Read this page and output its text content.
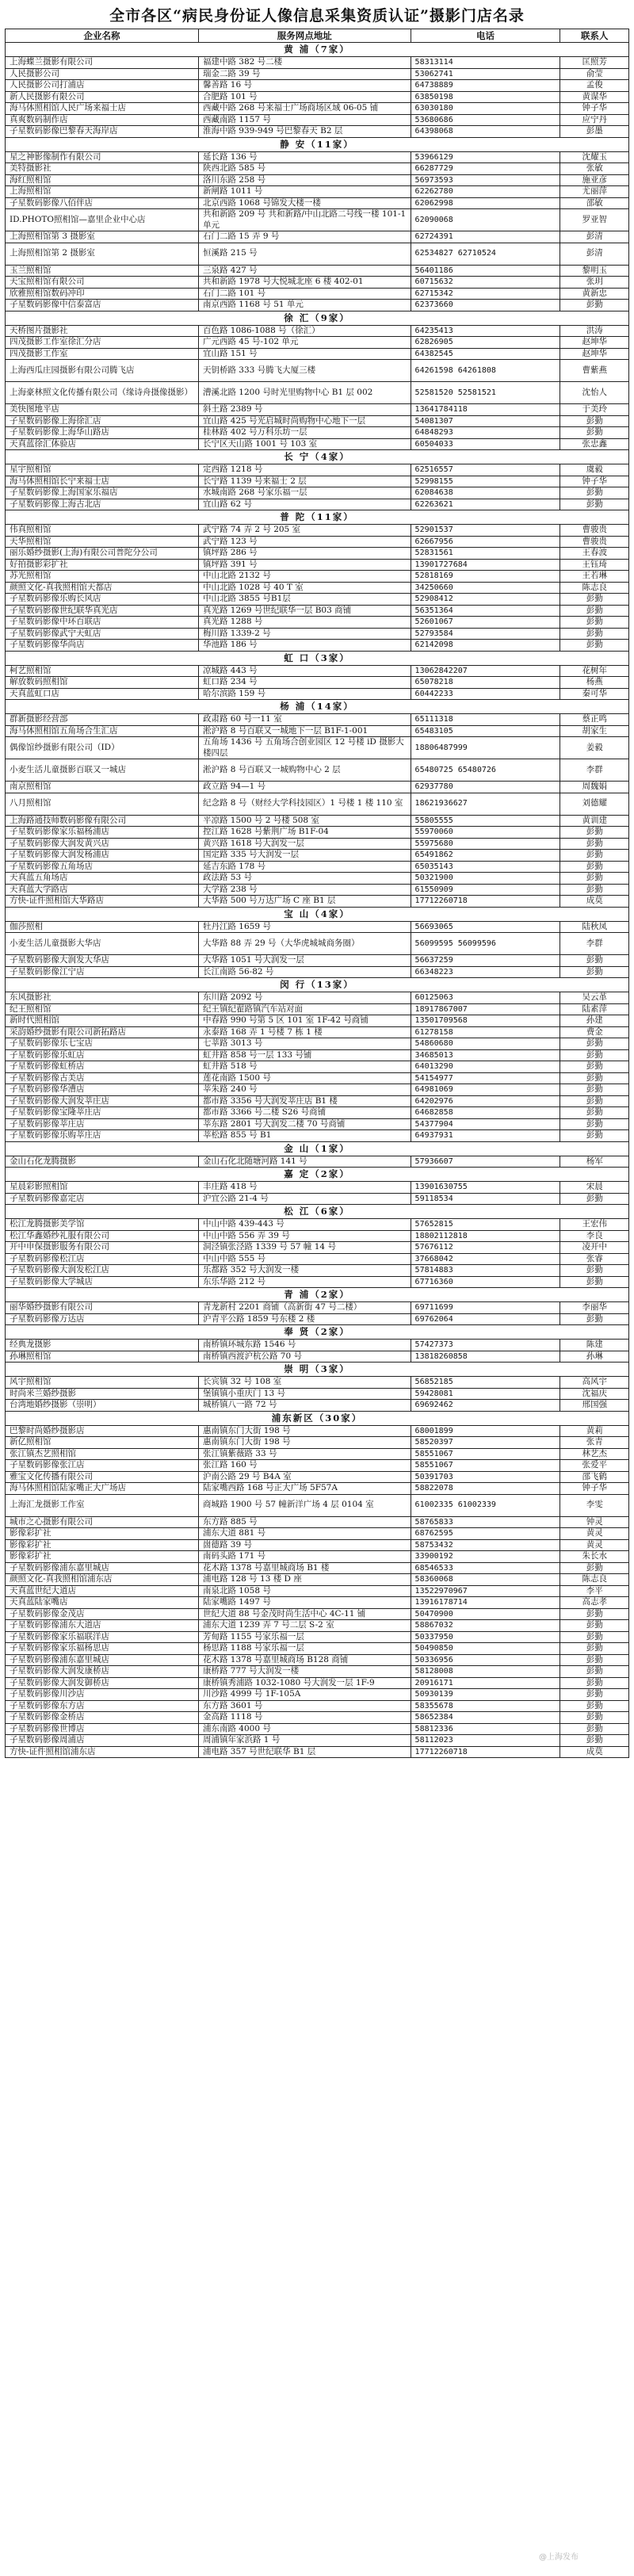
全市各区“病民身份证人像信息采集资质认证”摄影门店名录
企业名称	服务网点地址	电话	联系人
黄 浦（7家）			
上海蝶兰摄影有限公司	福建中路 382 号二楼	58313114	匡照芳
人民摄影公司	瑞金二路 39 号	53062741	俞莹
人民摄影公司打浦店	馨善路 16 号	64738889	孟俊
新人民摄影有限公司	合肥路 101 号	63850198	黄谋华
海马体照相馆人民广场来福士店	西藏中路 268 号来福士广场商场区域 06-05 铺	63030180	钟子华
真爽数码制作店	西藏南路 1157 号	53680686	应宁丹
子星数码影像巴黎春天海岸店	淮海中路 939-949 号巴黎春天 B2 层	64398068	彭墨
静 安（11家）			
星之神影像制作有限公司	延长路 136 号	53966129	沈耀玉
美特摄影社	陕西北路 585 号	66287729	张敏
海红照相馆	洛川东路 258 号	56973593	施亚彦
上海照相馆	新闸路 1011 号	62262780	尤丽萍
子星数码影像八佰伴店	北京西路 1068 号锦发大楼一楼	62062998	邵敏
ID.PHOTO照相馆—嘉里企业中心店	共和新路 209 号 共和新路/中山北路二号线一楼 101-1 单元	62090068	罗亚智
上海照相馆第 3 摄影室	石门二路 15 弄 9 号	62724391	彭清
上海照相馆第 2 摄影室	恒溪路 215 号	62534827 62710524	彭清
玉兰照相馆	三泉路 427 号	56401186	黎明玉
天宝照相馆有限公司	共和新路 1978 号大悦城北座 6 楼 402-01	60715632	张玥
欣雅照相馆数码冲印	石门二路 101 号	62715342	黄新忠
子星数码影像中信泰富店	南京西路 1168 号 51 单元	62373660	彭勤
徐 汇（9家）			
天桥图片摄影社	百色路 1086-1088 号（徐汇）	64235413	洪涛
四茂摄影工作室徐汇分店	广元西路 45 号-102 单元	62826905	赵坤华
四茂摄影工作室	宜山路 151 号	64382545	赵坤华
上海西瓜庄园摄影有限公司腾飞店	天钥桥路 333 号腾飞大厦三楼	64261598 64261808	曹紫燕
上海豪林照文化传播有限公司（缘诗舟摄像摄影）	漕溪北路 1200 号时光里购物中心 B1 层 002	52581520 52581521	沈怡人
美快图地平店	斜土路 2389 号	13641784118	于美玲
子星数码影像上海徐汇店	宜山路 425 号光启城时尚购物中心地下一层	54081307	彭勤
子星数码影像上海华山路店	桂林路 402 号万科乐坊一层	64848293	彭勤
天真蓝徐汇体验店	长宁区天山路 1001 号 103 室	60504033	张忠鑫
长 宁（4家）			
星宇照相馆	定西路 1218 号	62516557	虞毅
海马体照相馆长宁来福士店	长宁路 1139 号来福士 2 层	52998155	钟子华
子星数码影像上海国家乐福店	水城南路 268 号家乐福一层	62084638	彭勤
子星数码影像上海古北店	宜山路 62 号	62263621	彭勤
普 陀（11家）			
伟真照相馆	武宁路 74 弄 2 号 205 室	52901537	曹骏贵
天华照相馆	武宁路 123 号	62667956	曹骏贵
丽乐婚纱摄影(上海)有限公司普陀分公司	镇坪路 286 号	52831561	王春波
好拍摄影彩扩社	镇坪路 391 号	13901727684	王钰琦
苏光照相馆	中山北路 2132 号	52818169	王若琳
颜照文化-真我照相馆天都店	中山北路 1028 号 40 T 室	34250660	陈志良
子星数码影像乐购长风店	中山北路 3855 号B1层	52908412	彭勤
子星数码影像世纪联华真光店	真光路 1269 号世纪联华一层 B03 商铺	56351364	彭勤
子星数码影像中环百联店	真光路 1288 号	52601067	彭勤
子星数码影像武宁天虹店	梅川路 1339-2 号	52793584	彭勤
子星数码影像华尚店	华池路 186 号	62142098	彭勤
虹 口（3家）			
柯艺照相馆	凉城路 443 号	13062842207	花树年
解放数码照相馆	虹口路 234 号	65078218	杨燕
天真蓝虹口店	哈尔滨路 159 号	60442233	秦可华
杨 浦（14家）			
群新摄影经营部	政肃路 60 号一11 室	65111318	蔡正鸣
海马体照相馆五角场合生汇店	淞沪路 8 号百联又一城地下一层 B1F-1-001	65483105	胡家生
偶像馆纱摄影有限公司（ID）	五角场 1436 号 五角场合创业园区 12 号楼 iD 摄影大楼四层	18806487999	姜毅
小麦生活儿童摄影百联又一城店	淞沪路 8 号百联又一城购物中心 2 层	65480725 65480726	李群
南京照相馆	政立路 94—1 号	62937780	周魏娟
八月照相馆	纪念路 8 号（财经大学科技园区）1 号楼 1 楼 110 室	18621936627	刘德耀
上海路通技师数码影像有限公司	平凉路 1500 号 2 号楼 508 室	55805555	黄训建
子星数码影像家乐福杨浦店	控江路 1628 号紫荆广场 B1F-04	55970060	彭勤
子星数码影像大润发黄兴店	黄兴路 1618 号大润发一层	55975680	彭勤
子星数码影像大润发杨浦店	国定路 335 号大润发一层	65491862	彭勤
子星数码影像五角场店	延吉东路 178 号	65035143	彭勤
天真蓝五角场店	政法路 53 号	50321900	彭勤
天真蓝大学路店	大学路 238 号	61550909	彭勤
方快-证件照相馆大华路店	大华路 500 号万达广场 C 座 B1 层	17712260718	成莫
宝 山（4家）			
伽莎照相	牡丹江路 1659 号	56693065	陆秋凤
小麦生活儿童摄影大华店	大华路 88 弄 29 号（大华虎城城商务圈）	56099595 56099596	李群
子星数码影像大润发大华店	大华路 1051 号大润发一层	56637259	彭勤
子星数码影像江宁店	长江南路 56-82 号	66348223	彭勤
闵 行（13家）			
东风摄影社	东川路 2092 号	60125063	吴云革
纪王照相馆	纪王镇纪翟路镇汽车站对面	18917867007	陆素萍
新时代照相馆	中春路 990 号第 5 区 101 室 1F-42 号商铺	13501709568	孙建
采韵婚纱摄影有限公司新拓路店	永泰路 168 弄 1 号楼 7 栋 1 楼	61278158	费金
子星数码影像乐七宝店	七莘路 3013 号	54860680	彭勤
子星数码影像乐虹店	虹井路 858 号一层 133 号铺	34685013	彭勤
子星数码影像虹桥店	虹井路 518 号	64013290	彭勤
子星数码影像古美店	莲花南路 1500 号	54154977	彭勤
子星数码影像华漕店	莘朱路 240 号	64981069	彭勤
子星数码影像大润发莘庄店	都市路 3356 号大润发莘庄店 B1 楼	64202976	彭勤
子星数码影像宝隆莘庄店	都市路 3366 号二楼 S26 号商铺	64682858	彭勤
子星数码影像莘庄店	莘东路 2801 号大润发二楼 70 号商铺	54377904	彭勤
子星数码影像乐购莘庄店	莘松路 855 号 B1	64937931	彭勤
金 山（1家）			
金山石化龙腾摄影	金山石化北随塘河路 141 号	57936607	杨军
嘉 定（2家）			
星晨彩影照相馆	丰庄路 418 号	13901630755	宋晨
子星数码影像嘉定店	沪宜公路 21-4 号	59118534	彭勤
松 江（6家）			
松江龙腾摄影美学馆	中山中路 439-443 号	57652815	王宏伟
松江华鑫婚纱礼服有限公司	中山中路 556 弄 39 号	18802112818	李良
开中申保摄影服务有限公司	洞泾镇张泾路 1339 号 57 幢 14 号	57676112	凌开中
子星数码影像松江店	中山中路 555 号	37668042	张睿
子星数码影像大润发松江店	乐都路 352 号大润发一楼	57814883	彭勤
子星数码影像大学城店	东乐华路 212 号	67716360	彭勤
青 浦（2家）			
丽华婚纱摄影有限公司	青龙新村 2201 商铺（高新街 47 号二楼）	69711699	李丽华
子星数码影像万达店	沪青平公路 1859 号东楼 2 楼	69762064	彭勤
奉 贤（2家）			
经典龙摄影	南桥镇环城东路 1546 号	57427373	陈建
孙琳照相馆	南桥镇西渡沪杭公路 70 号	13818260858	孙琳
崇 明（3家）			
风宇照相馆	长宾镇 32 号 108 室	56852185	高风宇
时尚米兰婚纱摄影	堡镇镇小重庆门 13 号	59428081	沈福庆
台湾地婚纱摄影（崇明）	城桥镇八一路 72 号	69692462	邢国强
浦东新区（30家）			
巴黎时尚婚纱摄影店	惠南镇东门大街 198 号	68001899	黄莉
新亿照相馆	惠南镇东门大街 198 号	58520397	张青
张江镇杰艺照相馆	张江镇紫薇路 33 号	58551067	林艺杰
子星数码影像张江店	张江路 160 号	58551067	张爱平
雅宝文化传播有限公司	沪南公路 29 号 B4A 室	50391703	邵飞鹤
海马体照相馆陆家嘴正大广场店	陆家嘴西路 168 号正大广场 5F57A	58822078	钟子华
上海汇龙摄影工作室	商城路 1900 号 57 幢新洋广场 4 层 0104 室	61002335 61002339	李雯
城市之心摄影有限公司	东方路 885 号	58765833	钟灵
影像彩扩社	浦东大道 881 号	68762595	黄灵
影像彩扩社	崮德路 39 号	58753432	黄灵
影像彩扩社	南码头路 171 号	33900192	朱长水
子星数码影像浦东嘉里城店	花木路 1378 号嘉里城商场 B1 楼	68546533	彭勤
颜照文化-真我照相馆浦东店	浦电路 128 号 13 楼 D 座	58360068	陈志良
天真蓝世纪大道店	南泉北路 1058 号	13522970967	李平
天真蓝陆家嘴店	陆家嘴路 1497 号	13916178714	高志孝
子星数码影像金茂店	世纪大道 88 号金茂时尚生活中心 4C-11 铺	50470900	彭勤
子星数码影像浦东大道店	浦东大道 1239 弄 7 号二层 S-2 室	58867032	彭勤
子星数码影像家乐福联洋店	芳甸路 1155 号家乐福一层	50337950	彭勤
子星数码影像家乐福杨思店	杨思路 1188 号家乐福一层	50490850	彭勤
子星数码影像浦东嘉里城店	花木路 1378 号嘉里城商场 B128 商铺	50336956	彭勤
子星数码影像大润发康桥店	康桥路 777 号大润发一楼	58128008	彭勤
子星数码影像大润发御桥店	康桥镇秀浦路 1032-1080 号大润发一层 1F-9	20916171	彭勤
子星数码影像川沙店	川沙路 4999 号 1F-105A	50930139	彭勤
子星数码影像东方店	东方路 3601 号	58355678	彭勤
子星数码影像金桥店	金高路 1118 号	58652384	彭勤
子星数码影像世博店	浦东南路 4000 号	58812336	彭勤
子星数码影像周浦店	周浦镇年家浜路 1 号	58112023	彭勤
方快-证件照相馆浦东店	浦电路 357 号世纪联华 B1 层	17712260718	成莫
@上海发布
